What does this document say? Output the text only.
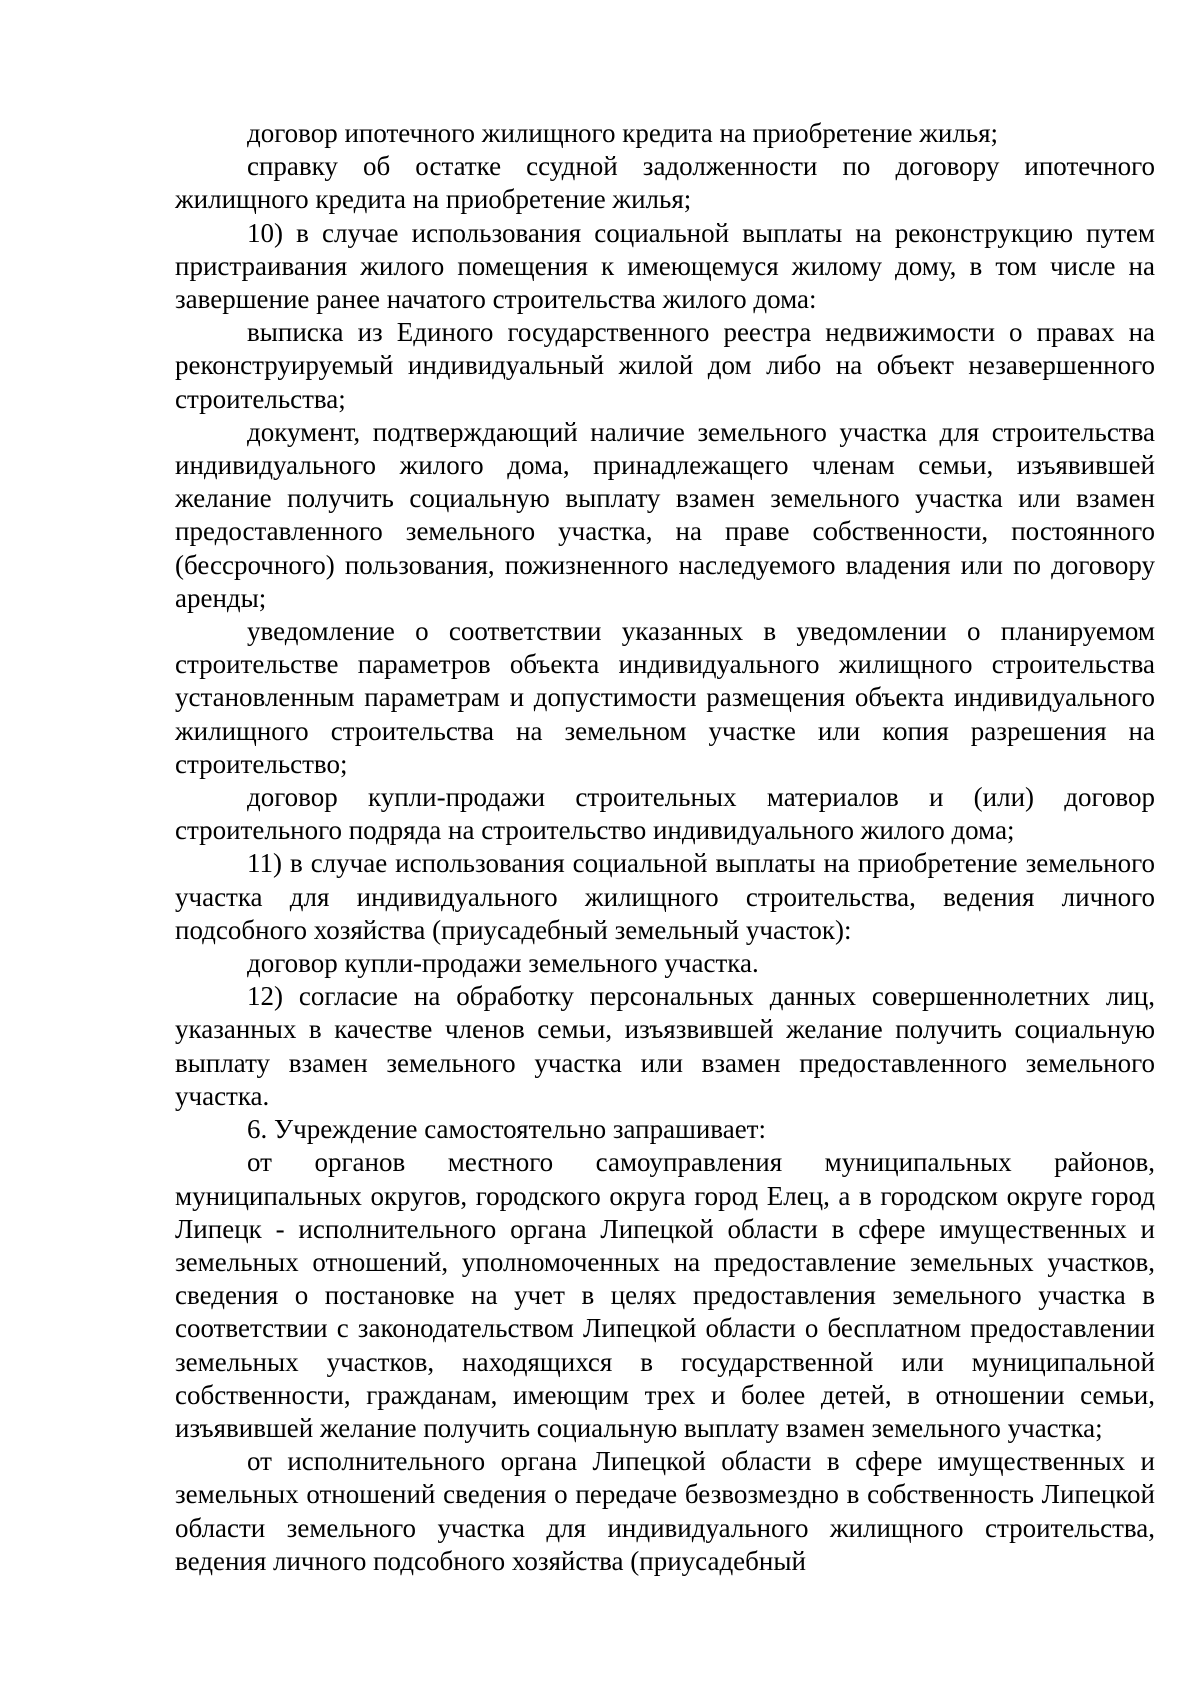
договор ипотечного жилищного кредита на приобретение жилья;

справку об остатке ссудной задолженности по договору ипотечного жилищного кредита на приобретение жилья;

10) в случае использования социальной выплаты на реконструкцию путем пристраивания жилого помещения к имеющемуся жилому дому, в том числе на завершение ранее начатого строительства жилого дома:

выписка из Единого государственного реестра недвижимости о правах на реконструируемый индивидуальный жилой дом либо на объект незавершенного строительства;

документ, подтверждающий наличие земельного участка для строительства индивидуального жилого дома, принадлежащего членам семьи, изъявившей желание получить социальную выплату взамен земельного участка или взамен предоставленного земельного участка, на праве собственности, постоянного (бессрочного) пользования, пожизненного наследуемого владения или по договору аренды;

уведомление о соответствии указанных в уведомлении о планируемом строительстве параметров объекта индивидуального жилищного строительства установленным параметрам и допустимости размещения объекта индивидуального жилищного строительства на земельном участке или копия разрешения на строительство;

договор купли-продажи строительных материалов и (или) договор строительного подряда на строительство индивидуального жилого дома;

11) в случае использования социальной выплаты на приобретение земельного участка для индивидуального жилищного строительства, ведения личного подсобного хозяйства (приусадебный земельный участок):

договор купли-продажи земельного участка.

12) согласие на обработку персональных данных совершеннолетних лиц, указанных в качестве членов семьи, изъязвившей желание получить социальную выплату взамен земельного участка или взамен предоставленного земельного участка.

6. Учреждение самостоятельно запрашивает:

от органов местного самоуправления муниципальных районов, муниципальных округов, городского округа город Елец, а в городском округе город Липецк - исполнительного органа Липецкой области в сфере имущественных и земельных отношений, уполномоченных на предоставление земельных участков, сведения о постановке на учет в целях предоставления земельного участка в соответствии с законодательством Липецкой области о бесплатном предоставлении земельных участков, находящихся в государственной или муниципальной собственности, гражданам, имеющим трех и более детей, в отношении семьи, изъявившей желание получить социальную выплату взамен земельного участка;

от исполнительного органа Липецкой области в сфере имущественных и земельных отношений сведения о передаче безвозмездно в собственность Липецкой области земельного участка для индивидуального жилищного строительства, ведения личного подсобного хозяйства (приусадебный
